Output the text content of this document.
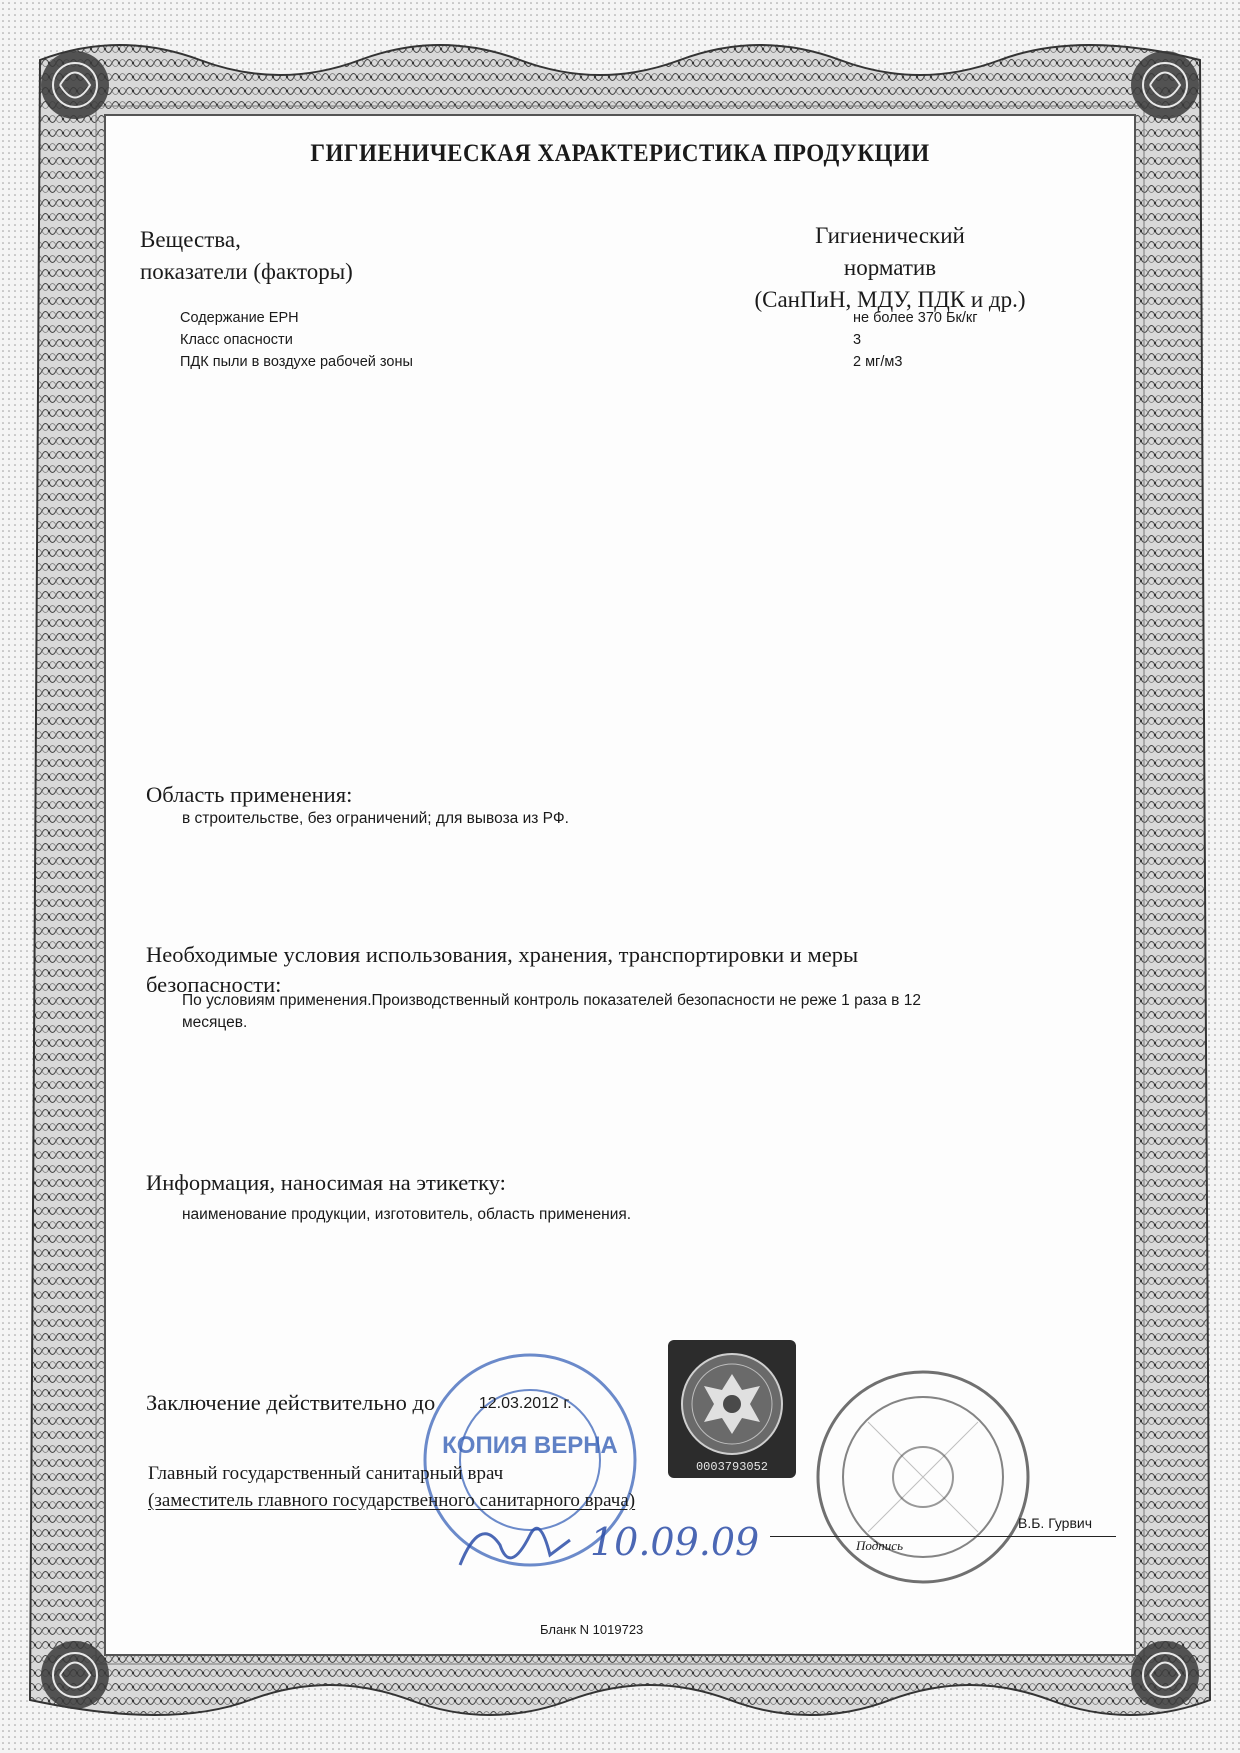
ГИГИЕНИЧЕСКАЯ ХАРАКТЕРИСТИКА ПРОДУКЦИИ
Вещества,
показатели (факторы)
Гигиенический
норматив
(СанПиН, МДУ, ПДК и др.)
Содержание ЕРН	не более 370 Бк/кг
Класс опасности	3
ПДК пыли в воздухе рабочей зоны	2 мг/м3
Область применения:
в строительстве, без ограничений; для вывоза из РФ.
Необходимые условия использования, хранения, транспортировки и меры
безопасности:
По условиям применения.Производственный контроль показателей безопасности не реже 1 раза в 12
месяцев.
Информация, наносимая на этикетку:
наименование продукции, изготовитель, область применения.
КОПИЯ ВЕРНА
Заключение действительно до	12.03.2012 г.
0003793052
Главный государственный санитарный врач
(заместитель главного государственного санитарного врача)
10.09.09	Подпись
В.Б. Гурвич
Бланк N 1019723
